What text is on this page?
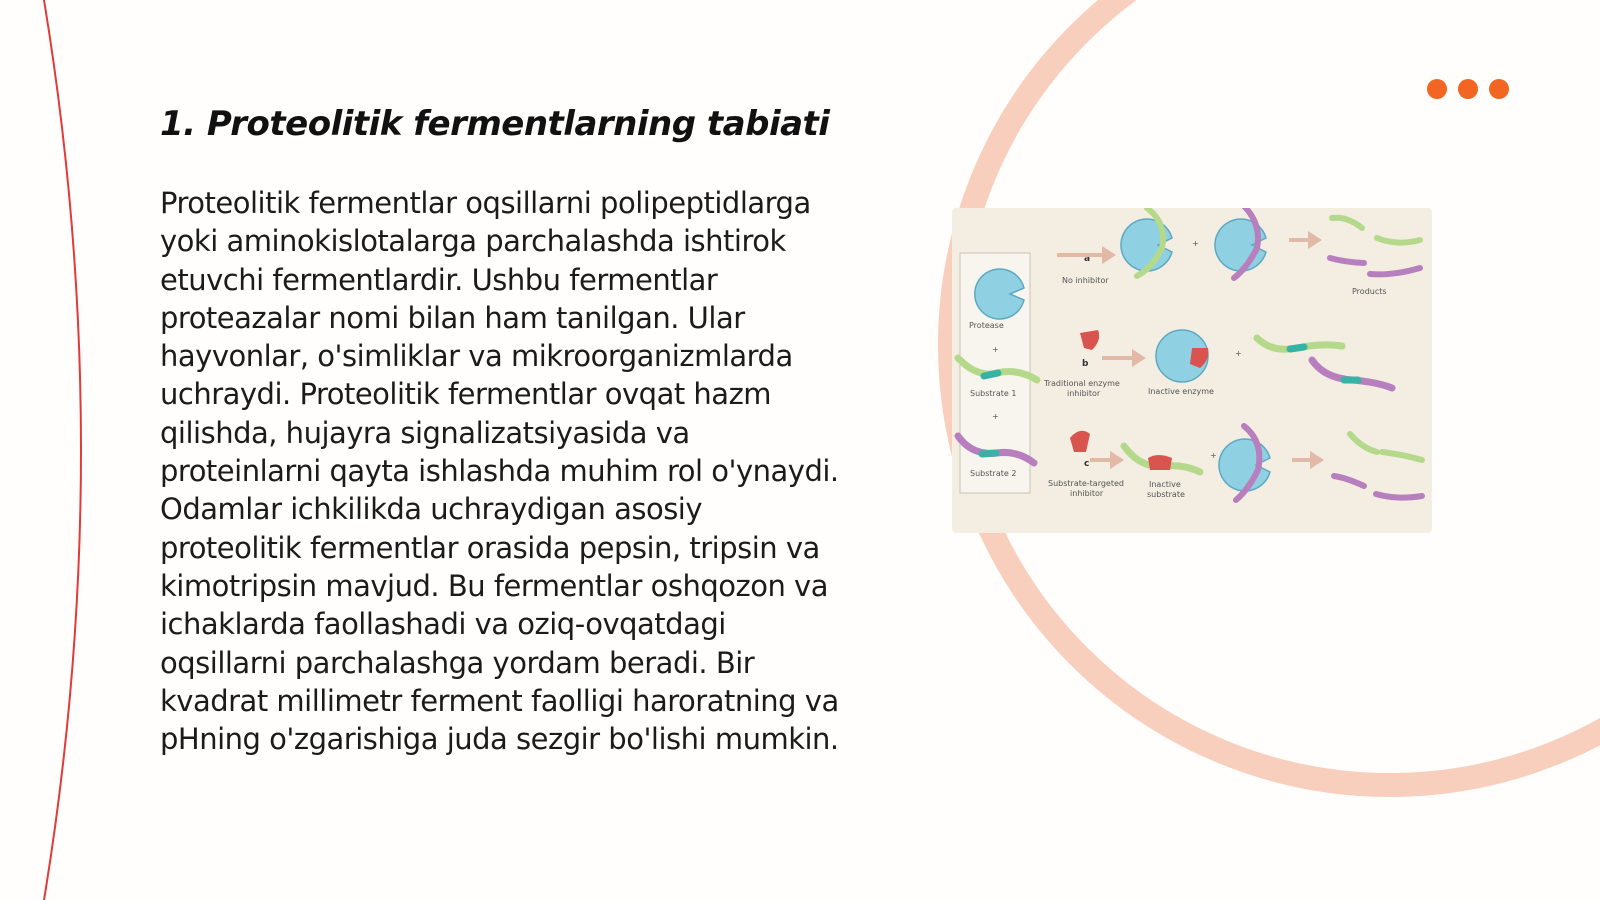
1. Proteolitik fermentlarning tabiati

Proteolitik fermentlar oqsillarni polipeptidlarga yoki aminokislotalarga parchalashda ishtirok etuvchi fermentlardir. Ushbu fermentlar proteazalar nomi bilan ham tanilgan. Ular hayvonlar, o'simliklar va mikroorganizmlarda uchraydi. Proteolitik fermentlar ovqat hazm qilishda, hujayra signalizatsiyasida va proteinlarni qayta ishlashda muhim rol o'ynaydi. Odamlar ichkilikda uchraydigan asosiy proteolitik fermentlar orasida pepsin, tripsin va kimotripsin mavjud. Bu fermentlar oshqozon va ichaklarda faollashadi va oziq-ovqatdagi oqsillarni parchalashga yordam beradi. Bir kvadrat millimetr ferment faolligi haroratning va pHning o'zgarishiga juda sezgir bo'lishi mumkin.

Protease
+
Substrate 1
+
Substrate 2
a
No inhibitor
+
Products
b
Traditional enzyme
inhibitor	Inactive enzyme
+
c
Substrate-targeted
inhibitor
Inactive
substrate
+
